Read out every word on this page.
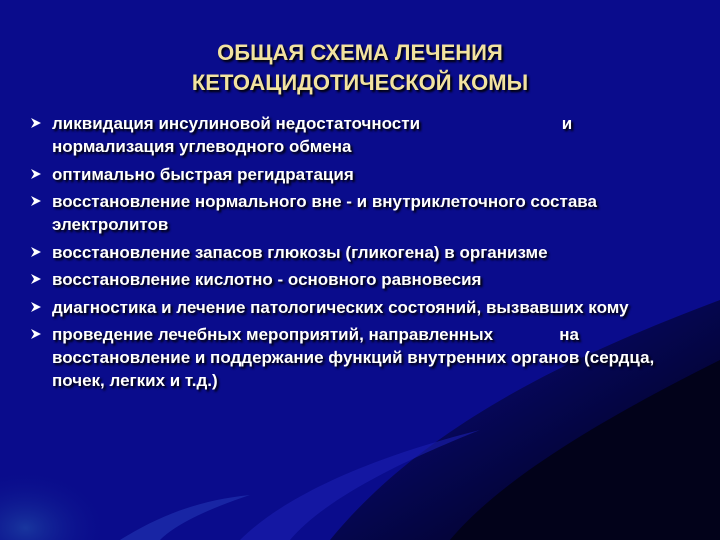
ОБЩАЯ СХЕМА ЛЕЧЕНИЯ
КЕТОАЦИДОТИЧЕСКОЙ КОМЫ
ликвидация инсулиновой недостаточности                              и нормализация углеводного обмена
оптимально быстрая регидратация
восстановление нормального вне - и внутриклеточного состава электролитов
восстановление запасов глюкозы (гликогена) в организме
восстановление кислотно - основного равновесия
диагностика и лечение патологических состояний, вызвавших кому
проведение лечебных мероприятий, направленных              на восстановление и поддержание функций внутренних органов (сердца, почек, легких и т.д.)
